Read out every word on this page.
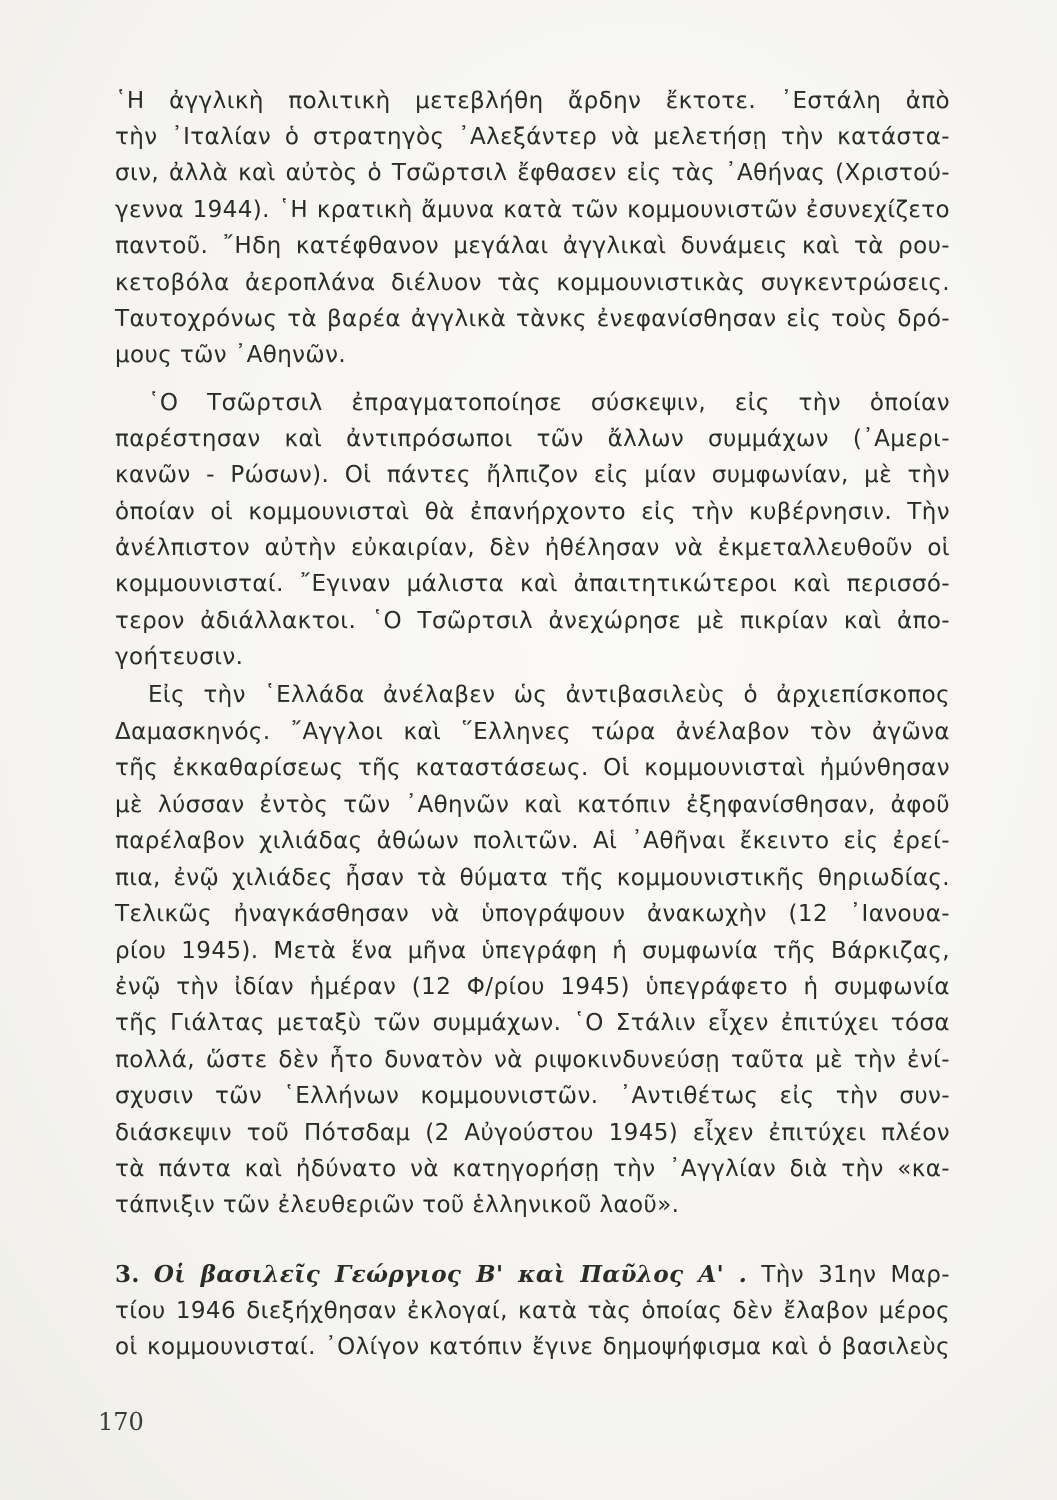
῾Η ἀγγλικὴ πολιτικὴ μετεβλήθη ἄρδην ἔκτοτε. ᾿Εστάλη ἀπὸ
τὴν ᾿Ιταλίαν ὁ στρατηγὸς ᾿Αλεξάντερ νὰ μελετήσῃ τὴν κατάστα-
σιν, ἀλλὰ καὶ αὐτὸς ὁ Τσῶρτσιλ ἔφθασεν εἰς τὰς ᾿Αθήνας (Χριστού-
γεννα 1944). ῾Η κρατικὴ ἄμυνα κατὰ τῶν κομμουνιστῶν ἐσυνεχίζετο
παντοῦ. ῎Ηδη κατέφθανον μεγάλαι ἀγγλικαὶ δυνάμεις καὶ τὰ ρου-
κετοβόλα ἀεροπλάνα διέλυον τὰς κομμουνιστικὰς συγκεντρώσεις.
Ταυτοχρόνως τὰ βαρέα ἀγγλικὰ τὰνκς ἐνεφανίσθησαν εἰς τοὺς δρό-
μους τῶν ᾿Αθηνῶν.
῾Ο Τσῶρτσιλ ἐπραγματοποίησε σύσκεψιν, εἰς τὴν ὁποίαν
παρέστησαν καὶ ἀντιπρόσωποι τῶν ἄλλων συμμάχων (᾿Αμερι-
κανῶν - Ρώσων). Οἱ πάντες ἤλπιζον εἰς μίαν συμφωνίαν, μὲ τὴν
ὁποίαν οἱ κομμουνισταὶ θὰ ἐπανήρχοντο εἰς τὴν κυβέρνησιν. Τὴν
ἀνέλπιστον αὐτὴν εὐκαιρίαν, δὲν ἠθέλησαν νὰ ἐκμεταλλευθοῦν οἱ
κομμουνισταί. ῎Εγιναν μάλιστα καὶ ἀπαιτητικώτεροι καὶ περισσό-
τερον ἀδιάλλακτοι. ῾Ο Τσῶρτσιλ ἀνεχώρησε μὲ πικρίαν καὶ ἀπο-
γοήτευσιν.
Εἰς τὴν ῾Ελλάδα ἀνέλαβεν ὡς ἀντιβασιλεὺς ὁ ἀρχιεπίσκοπος
Δαμασκηνός. ῎Αγγλοι καὶ ῞Ελληνες τώρα ἀνέλαβον τὸν ἀγῶνα
τῆς ἐκκαθαρίσεως τῆς καταστάσεως. Οἱ κομμουνισταὶ ἠμύνθησαν
μὲ λύσσαν ἐντὸς τῶν ᾿Αθηνῶν καὶ κατόπιν ἐξηφανίσθησαν, ἀφοῦ
παρέλαβον χιλιάδας ἀθώων πολιτῶν. Αἱ ᾿Αθῆναι ἔκειντο εἰς ἐρεί-
πια, ἐνῷ χιλιάδες ἦσαν τὰ θύματα τῆς κομμουνιστικῆς θηριωδίας.
Τελικῶς ἠναγκάσθησαν νὰ ὑπογράψουν ἀνακωχὴν (12 ᾿Ιανουα-
ρίου 1945). Μετὰ ἕνα μῆνα ὑπεγράφη ἡ συμφωνία τῆς Βάρκιζας,
ἐνῷ τὴν ἰδίαν ἡμέραν (12 Φ/ρίου 1945) ὑπεγράφετο ἡ συμφωνία
τῆς Γιάλτας μεταξὺ τῶν συμμάχων. ῾Ο Στάλιν εἶχεν ἐπιτύχει τόσα
πολλά, ὥστε δὲν ἦτο δυνατὸν νὰ ριψοκινδυνεύσῃ ταῦτα μὲ τὴν ἐνί-
σχυσιν τῶν ῾Ελλήνων κομμουνιστῶν. ᾿Αντιθέτως εἰς τὴν συν-
διάσκεψιν τοῦ Πότσδαμ (2 Αὐγούστου 1945) εἶχεν ἐπιτύχει πλέον
τὰ πάντα καὶ ἠδύνατο νὰ κατηγορήσῃ τὴν ᾿Αγγλίαν διὰ τὴν «κα-
τάπνιξιν τῶν ἐλευθεριῶν τοῦ ἑλληνικοῦ λαοῦ».
3. Οἱ βασιλεῖς Γεώργιος Β' καὶ Παῦλος Α' . Τὴν 31ην Μαρ-
τίου 1946 διεξήχθησαν ἐκλογαί, κατὰ τὰς ὁποίας δὲν ἔλαβον μέρος
οἱ κομμουνισταί. ᾿Ολίγον κατόπιν ἔγινε δημοψήφισμα καὶ ὁ βασιλεὺς
170
